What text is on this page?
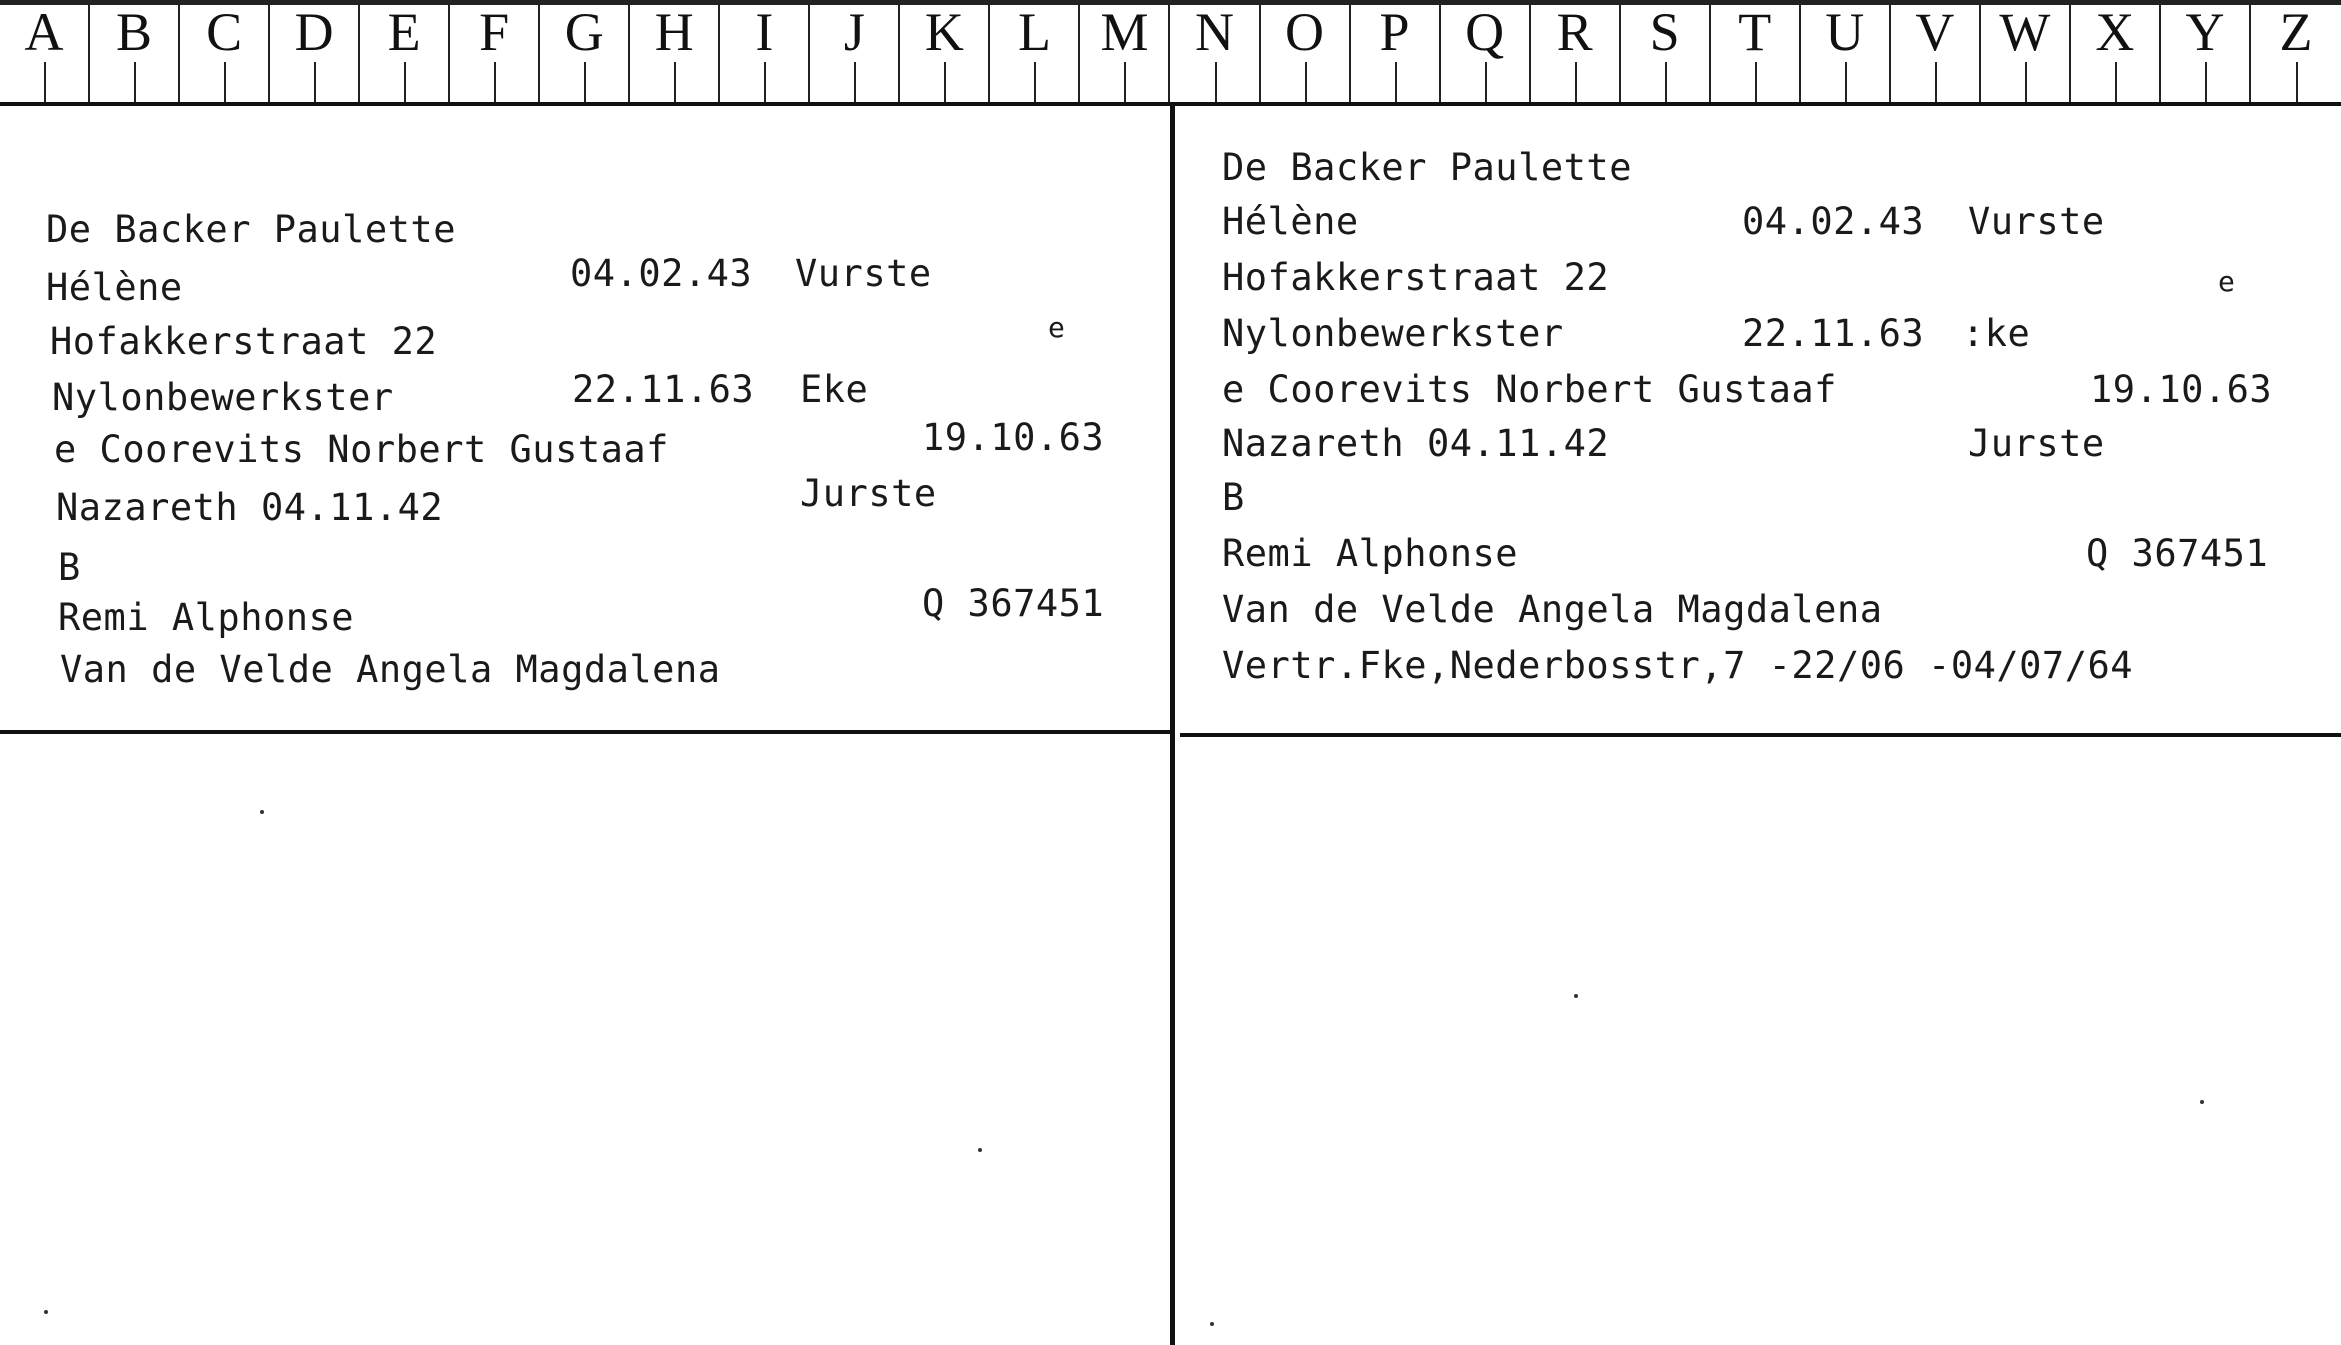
A B	C D	E	F	G H	I	J	K	L M N O	P	Q R	S	T	U V W X Y	Z
De Backer Paulette
Hélène	04.02.43 Vurste
Hofakkerstraat 22	e
Nylonbewerkster	22.11.63 Eke
e Coorevits Norbert Gustaaf	19.10.63
Nazareth 04.11.42	Jurste
B
Remi Alphonse	Q 367451
Van de Velde Angela Magdalena
De Backer Paulette
Hélène	04.02.43 Vurste
Hofakkerstraat 22	e
Nylonbewerkster	22.11.63 :ke
e Coorevits Norbert Gustaaf	19.10.63
Nazareth 04.11.42	Jurste
B
Remi Alphonse	Q 367451
Van de Velde Angela Magdalena
Vertr.Fke,Nederbosstr,7 -22/06 -04/07/64
